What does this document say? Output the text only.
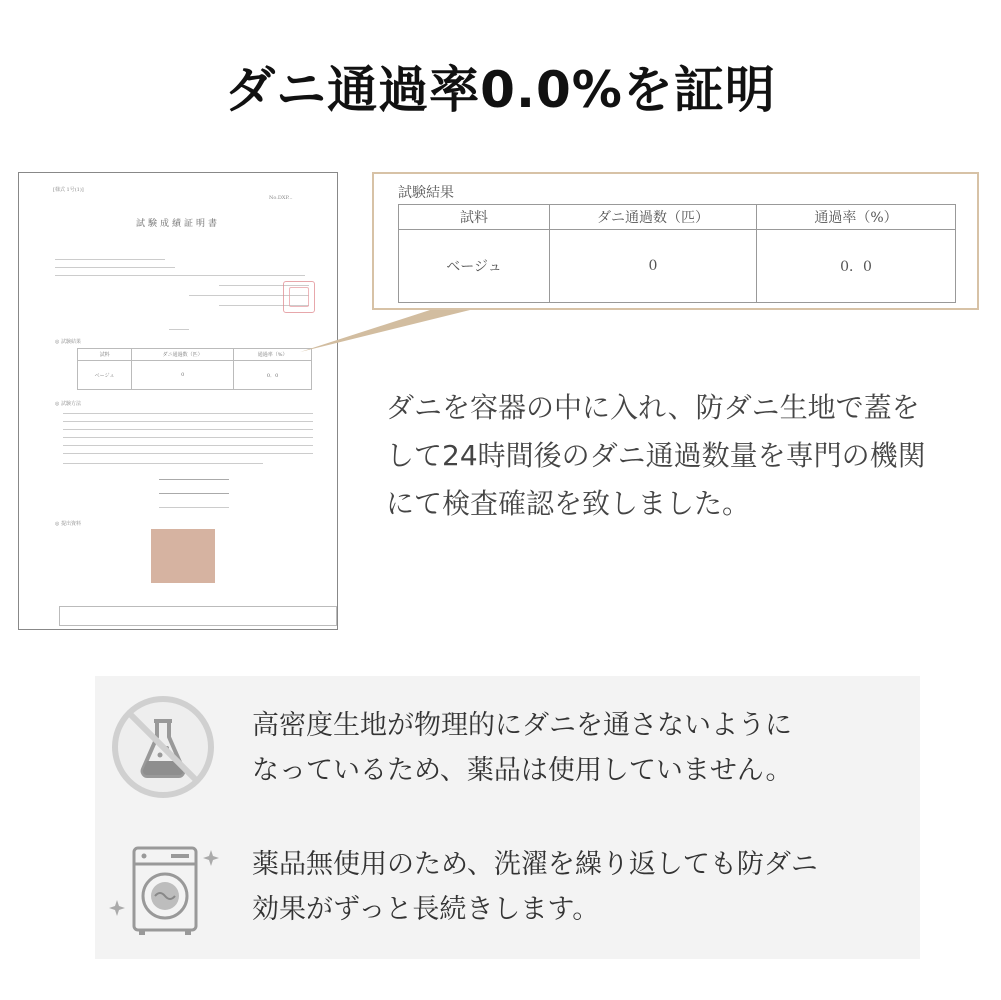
ダニ通過率0.0%を証明
[様式 1号(1)]
No.DXP...
試験成績証明書
◎ 試験結果
試料	ダニ通過数（匹）	通過率（%）
ベージュ	0	0．0
◎ 試験方法
◎ 提出資料
試験結果
試料	ダニ通過数（匹）	通過率（%）
ベージュ	0	0．0
ダニを容器の中に入れ、防ダニ生地で蓋を
して24時間後のダニ通過数量を専門の機関
にて検査確認を致しました。
高密度生地が物理的にダニを通さないように
なっているため、薬品は使用していません。
薬品無使用のため、洗濯を繰り返しても防ダニ
効果がずっと長続きします。
